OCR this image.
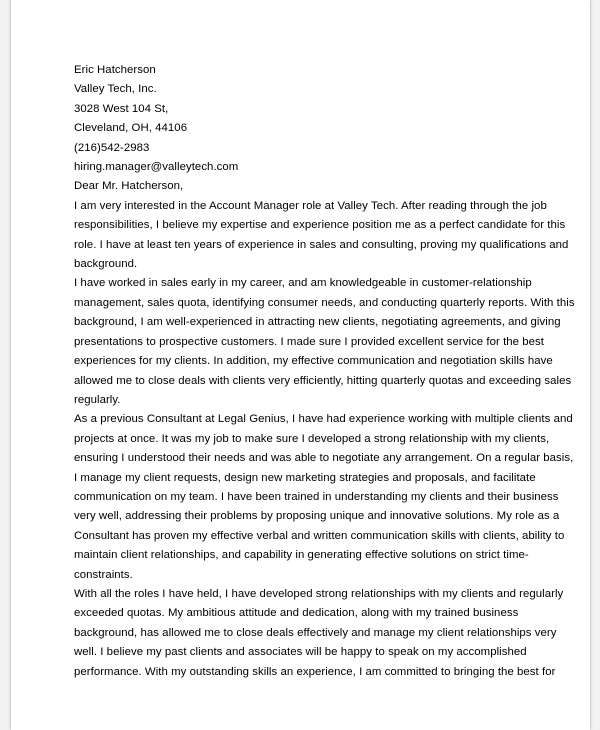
Eric Hatcherson
Valley Tech, Inc.
3028 West 104 St,
Cleveland, OH, 44106
(216)542-2983
hiring.manager@valleytech.com
Dear Mr. Hatcherson,
I am very interested in the Account Manager role at Valley Tech. After reading through the job
responsibilities, I believe my expertise and experience position me as a perfect candidate for this
role. I have at least ten years of experience in sales and consulting, proving my qualifications and
background.
I have worked in sales early in my career, and am knowledgeable in customer-relationship
management, sales quota, identifying consumer needs, and conducting quarterly reports. With this
background, I am well-experienced in attracting new clients, negotiating agreements, and giving
presentations to prospective customers. I made sure I provided excellent service for the best
experiences for my clients. In addition, my effective communication and negotiation skills have
allowed me to close deals with clients very efficiently, hitting quarterly quotas and exceeding sales
regularly.
As a previous Consultant at Legal Genius, I have had experience working with multiple clients and
projects at once. It was my job to make sure I developed a strong relationship with my clients,
ensuring I understood their needs and was able to negotiate any arrangement. On a regular basis,
I manage my client requests, design new marketing strategies and proposals, and facilitate
communication on my team. I have been trained in understanding my clients and their business
very well, addressing their problems by proposing unique and innovative solutions. My role as a
Consultant has proven my effective verbal and written communication skills with clients, ability to
maintain client relationships, and capability in generating effective solutions on strict time-
constraints.
With all the roles I have held, I have developed strong relationships with my clients and regularly
exceeded quotas. My ambitious attitude and dedication, along with my trained business
background, has allowed me to close deals effectively and manage my client relationships very
well. I believe my past clients and associates will be happy to speak on my accomplished
performance. With my outstanding skills an experience, I am committed to bringing the best for
